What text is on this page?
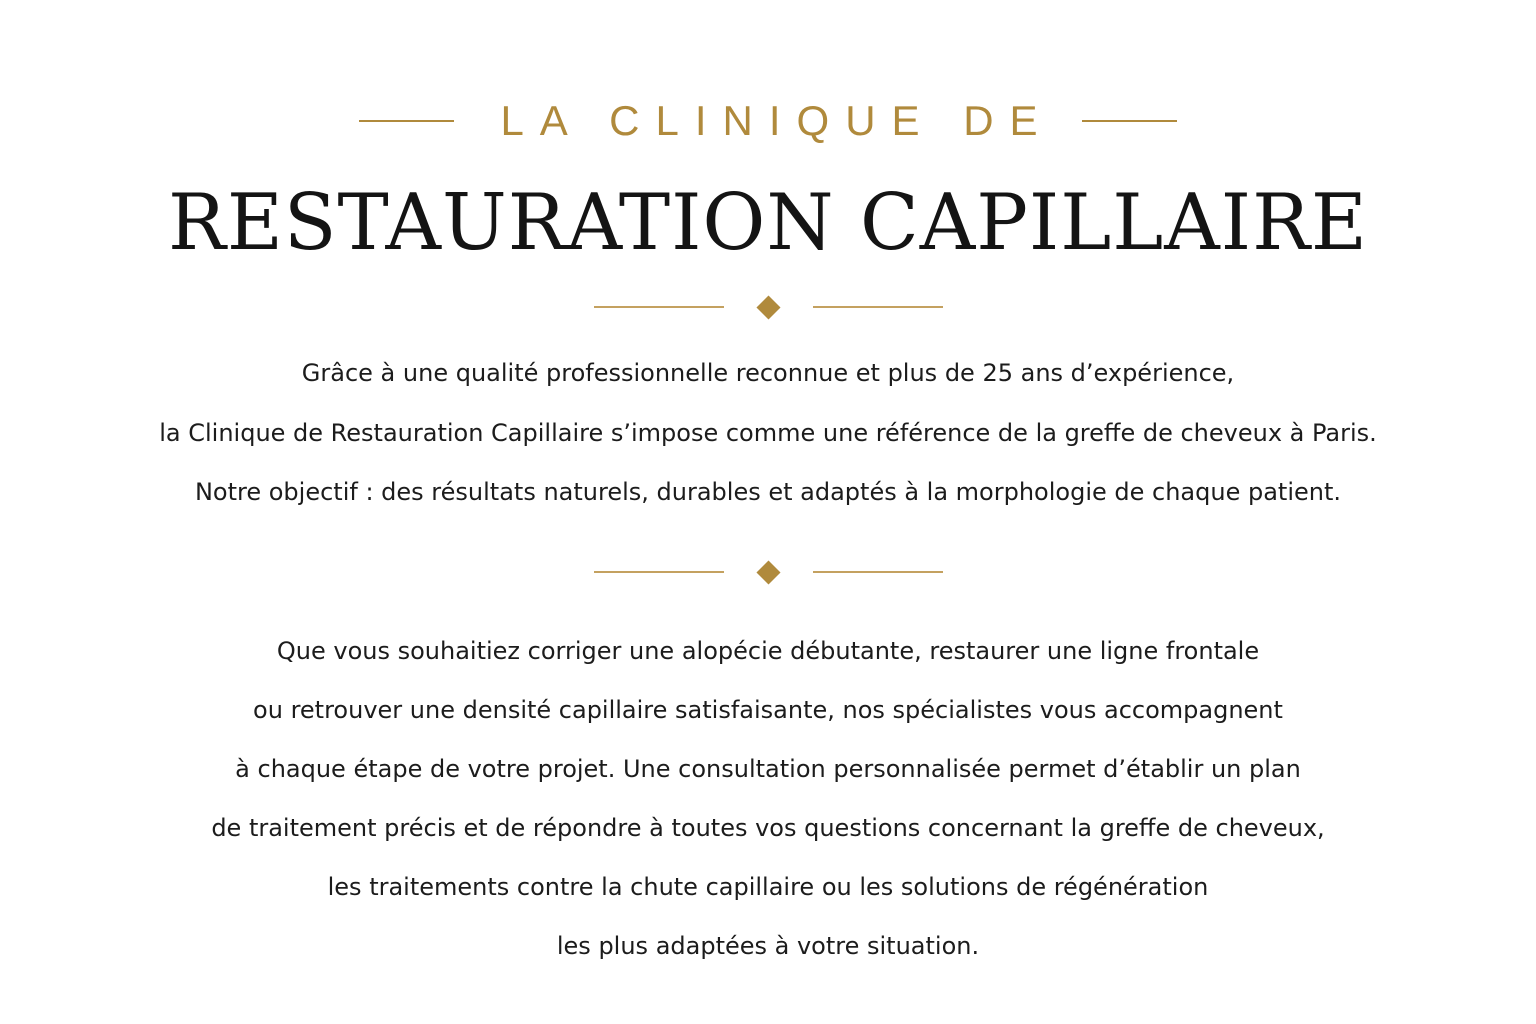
LA CLINIQUE DE
RESTAURATION CAPILLAIRE
Grâce à une qualité professionnelle reconnue et plus de 25 ans d’expérience,
la Clinique de Restauration Capillaire s’impose comme une référence de la greffe de cheveux à Paris.
Notre objectif : des résultats naturels, durables et adaptés à la morphologie de chaque patient.
Que vous souhaitiez corriger une alopécie débutante, restaurer une ligne frontale
ou retrouver une densité capillaire satisfaisante, nos spécialistes vous accompagnent
à chaque étape de votre projet. Une consultation personnalisée permet d’établir un plan
de traitement précis et de répondre à toutes vos questions concernant la greffe de cheveux,
les traitements contre la chute capillaire ou les solutions de régénération
les plus adaptées à votre situation.
